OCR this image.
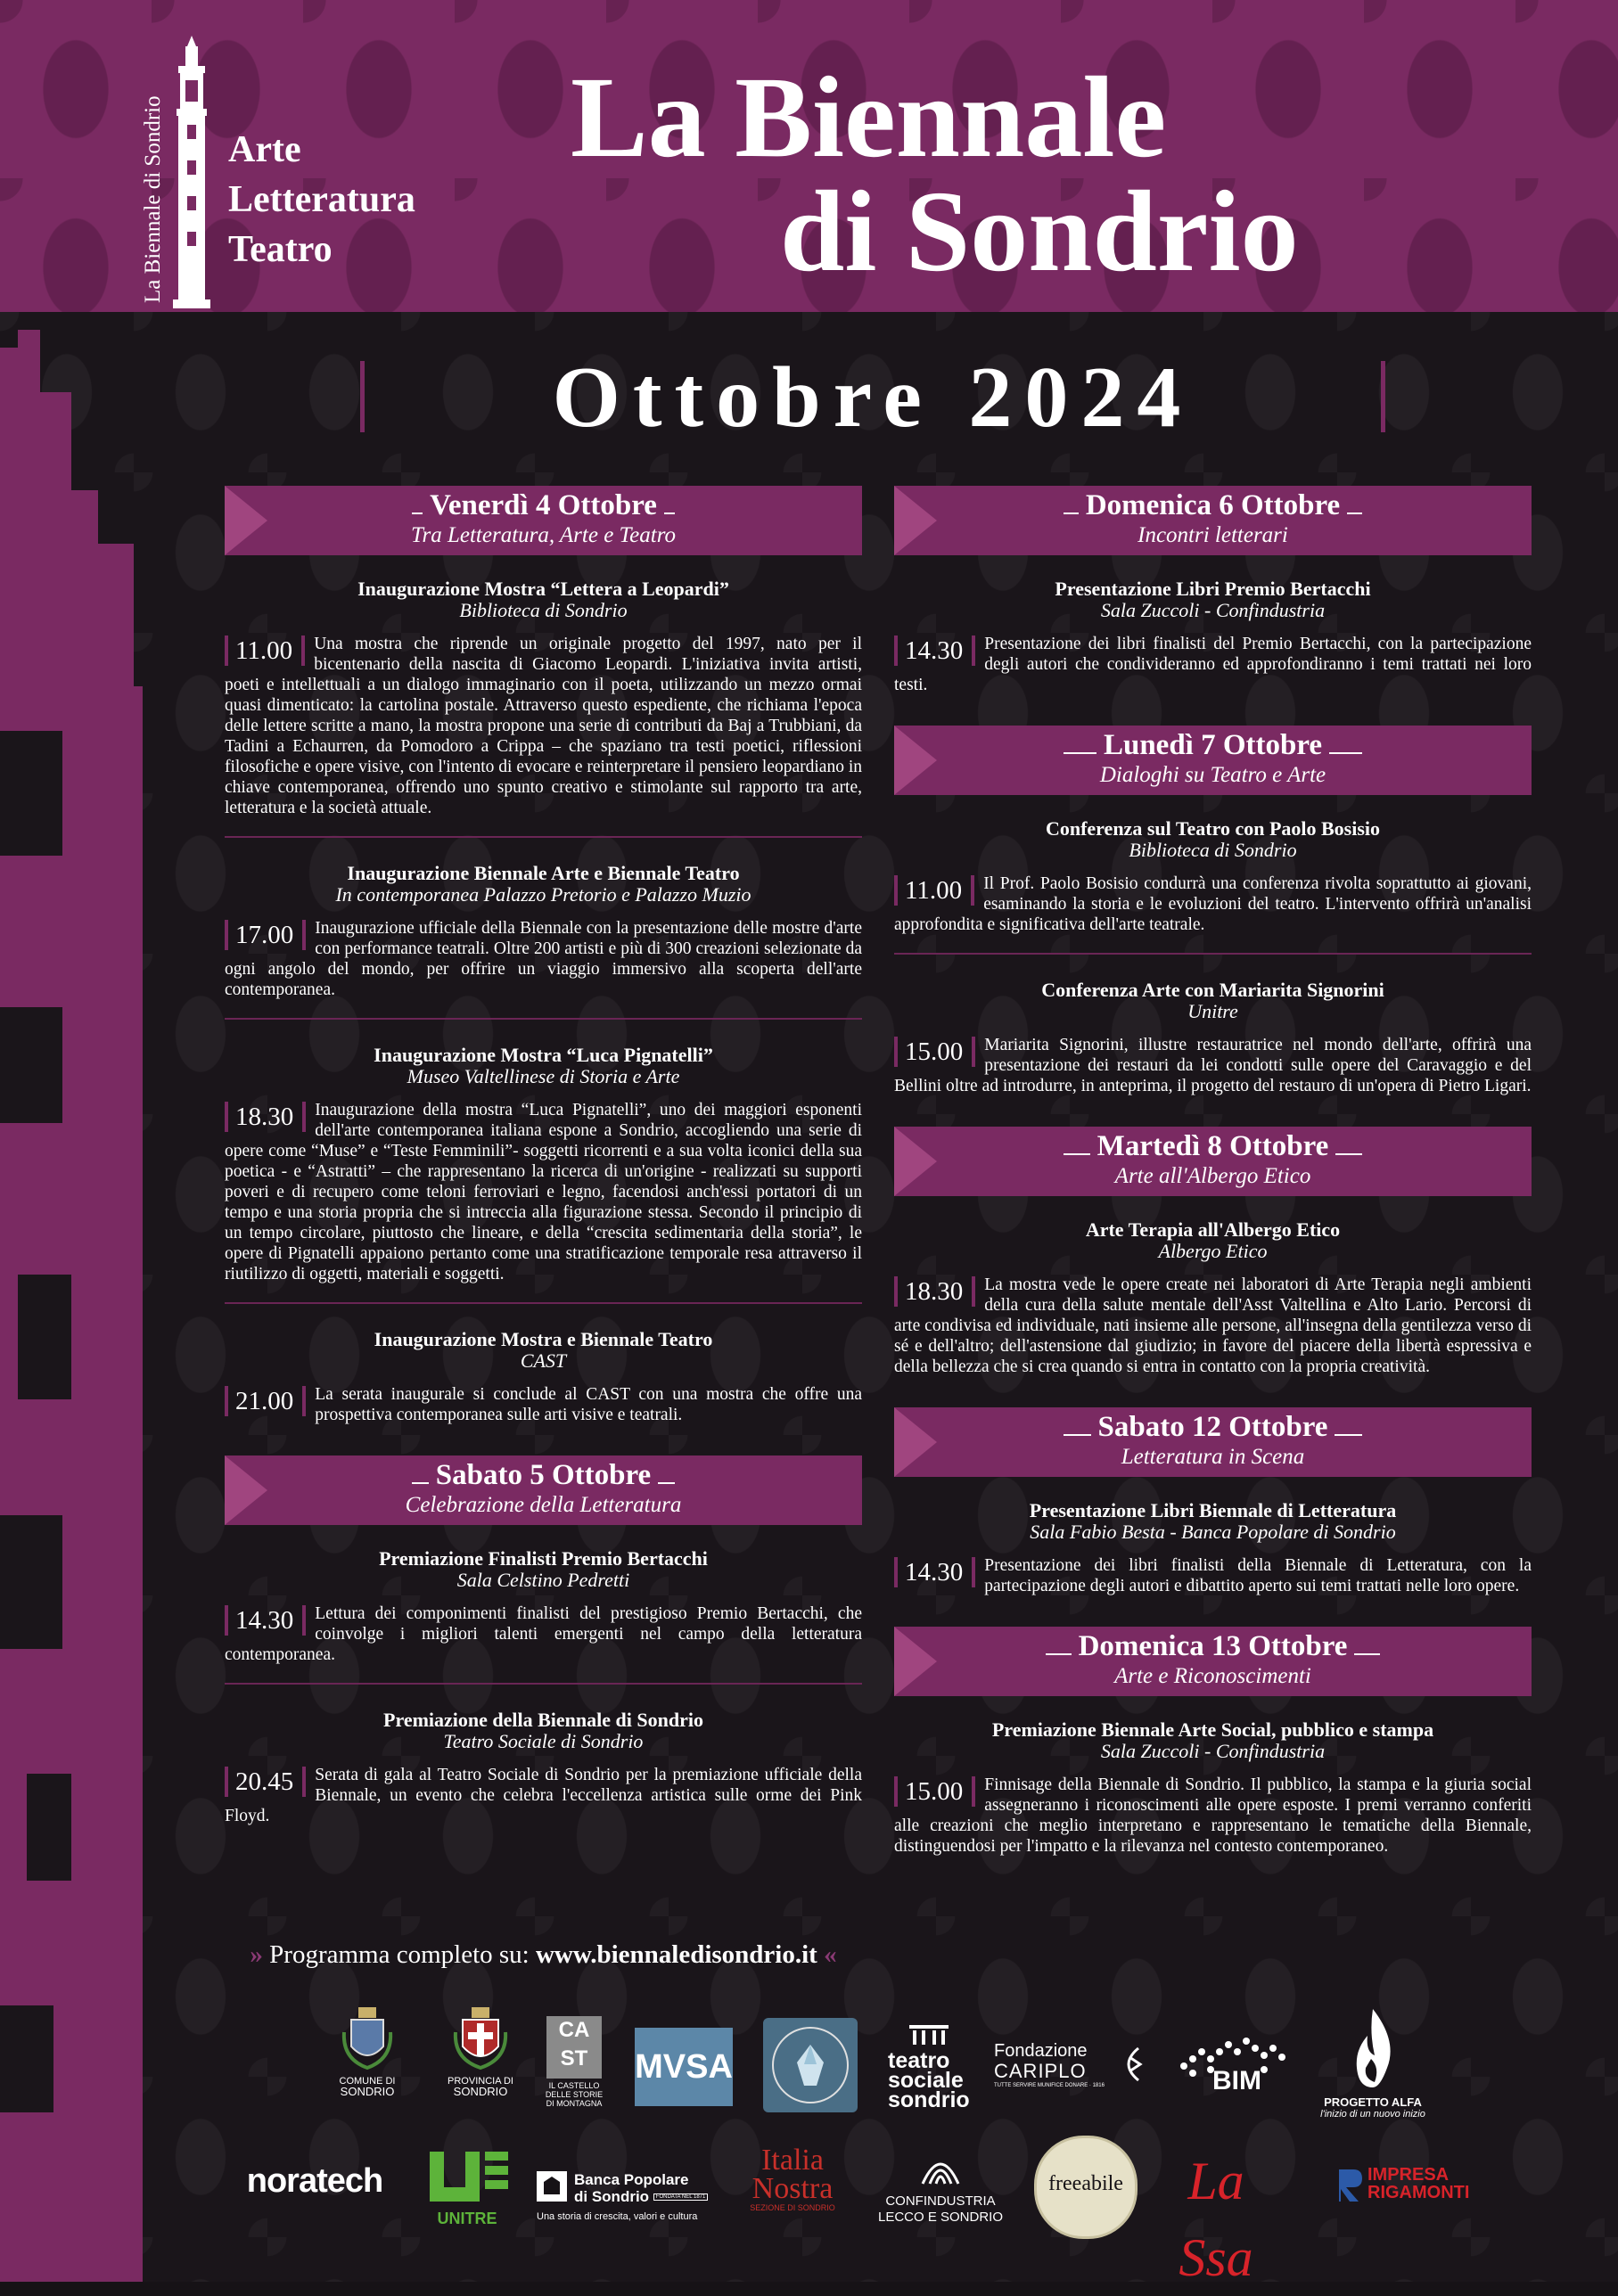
La Biennale di Sondrio Arte
Letteratura
Teatro
La Biennale
di Sondrio
Ottobre 2024
Venerdì 4 Ottobre
Tra Letteratura, Arte e Teatro
Inaugurazione Mostra “Lettera a Leopardi”
Biblioteca di Sondrio
11.00	Una mostra che riprende un originale progetto del 1997, nato per il bicentenario della nascita di Giacomo Leopardi. L'iniziativa invita artisti, poeti e intellettuali a un dialogo immaginario con il poeta, utilizzando un mezzo ormai quasi dimenticato: la cartolina postale. Attraverso questo espediente, che richiama l'epoca delle lettere scritte a mano, la mostra propone una serie di contributi da Baj a Trubbiani, da Tadini a Echaurren, da Pomodoro a Crippa – che spaziano tra testi poetici, riflessioni filosofiche e opere visive, con l'intento di evocare e reinterpretare il pensiero leopardiano in chiave contemporanea, offrendo uno spunto creativo e stimolante sul rapporto tra arte, letteratura e la società attuale.
Inaugurazione Biennale Arte e Biennale Teatro
In contemporanea Palazzo Pretorio e Palazzo Muzio
17.00	Inaugurazione ufficiale della Biennale con la presentazione delle mostre d'arte con performance teatrali. Oltre 200 artisti e più di 300 creazioni selezionate da ogni angolo del mondo, per offrire un viaggio immersivo alla scoperta dell'arte contemporanea.
Inaugurazione Mostra “Luca Pignatelli”
Museo Valtellinese di Storia e Arte
18.30	Inaugurazione della mostra “Luca Pignatelli”, uno dei maggiori esponenti dell'arte contemporanea italiana espone a Sondrio, accogliendo una serie di opere come “Muse” e “Teste Femminili”- soggetti ricorrenti e a sua volta iconici della sua poetica - e “Astratti” – che rappresentano la ricerca di un'origine - realizzati su supporti poveri e di recupero come teloni ferroviari e legno, facendosi anch'essi portatori di un tempo e una storia propria che si intreccia alla figurazione stessa. Secondo il principio di un tempo circolare, piuttosto che lineare, e della “crescita sedimentaria della storia”, le opere di Pignatelli appaiono pertanto come una stratificazione temporale resa attraverso il riutilizzo di oggetti, materiali e soggetti.
Inaugurazione Mostra e Biennale Teatro
CAST
21.00	La serata inaugurale si conclude al CAST con una mostra che offre una prospettiva contemporanea sulle arti visive e teatrali.
Sabato 5 Ottobre
Celebrazione della Letteratura
Premiazione Finalisti Premio Bertacchi
Sala Celstino Pedretti
14.30	Lettura dei componimenti finalisti del prestigioso Premio Bertacchi, che coinvolge i migliori talenti emergenti nel campo della letteratura contemporanea.
Premiazione della Biennale di Sondrio
Teatro Sociale di Sondrio
20.45	Serata di gala al Teatro Sociale di Sondrio per la premiazione ufficiale della Biennale, un evento che celebra l'eccellenza artistica sulle orme dei Pink Floyd.
Domenica 6 Ottobre
Incontri letterari
Presentazione Libri Premio Bertacchi
Sala Zuccoli - Confindustria
14.30	Presentazione dei libri finalisti del Premio Bertacchi, con la partecipazione degli autori che condivideranno ed approfondiranno i temi trattati nei loro testi.
Lunedì 7 Ottobre
Dialoghi su Teatro e Arte
Conferenza sul Teatro con Paolo Bosisio
Biblioteca di Sondrio
11.00	Il Prof. Paolo Bosisio condurrà una conferenza rivolta soprattutto ai giovani, esaminando la storia e le evoluzioni del teatro. L'intervento offrirà un'analisi approfondita e significativa dell'arte teatrale.
Conferenza Arte con Mariarita Signorini
Unitre
15.00	Mariarita Signorini, illustre restauratrice nel mondo dell'arte, offrirà una presentazione dei restauri da lei condotti sulle opere del Caravaggio e del Bellini oltre ad introdurre, in anteprima, il progetto del restauro di un'opera di Pietro Ligari.
Martedì 8 Ottobre
Arte all'Albergo Etico
Arte Terapia all'Albergo Etico
Albergo Etico
18.30	La mostra vede le opere create nei laboratori di Arte Terapia negli ambienti della cura della salute mentale dell'Asst Valtellina e Alto Lario. Percorsi di arte condivisa ed individuale, nati insieme alle persone, all'insegna della gentilezza verso di sé e dell'altro; dell'astensione dal giudizio; in favore del piacere della libertà espressiva e della bellezza che si crea quando si entra in contatto con la propria creatività.
Sabato 12 Ottobre
Letteratura in Scena
Presentazione Libri Biennale di Letteratura
Sala Fabio Besta - Banca Popolare di Sondrio
14.30	Presentazione dei libri finalisti della Biennale di Letteratura, con la partecipazione degli autori e dibattito aperto sui temi trattati nelle loro opere.
Domenica 13 Ottobre
Arte e Riconoscimenti
Premiazione Biennale Arte Social, pubblico e stampa
Sala Zuccoli - Confindustria
15.00	Finnisage della Biennale di Sondrio. Il pubblico, la stampa e la giuria social assegneranno i riconoscimenti alle opere esposte. I premi verranno conferiti alle creazioni che meglio interpretano e rappresentano le tematiche della Biennale, distinguendosi per l'impatto e la rilevanza nel contesto contemporaneo.
» Programma completo su: www.biennaledisondrio.it «
COMUNE DI
SONDRIO
PROVINCIA DI
SONDRIO
CA
ST
IL CASTELLO DELLE STORIE DI MONTAGNA
MVSA	teatro
sociale
sondrio
Fondazione
CARIPLO
TUTTE SERVIRE MUNIFICE DONARE · 1816	BIM
PROGETTO ALFA
l'inizio di un nuovo inizio
noratech
UNITRE
Banca Popolare
di Sondrio FONDATA NEL 1871
Una storia di crescita, valori e cultura
Italia
Nostra
SEZIONE DI SONDRIO	CONFINDUSTRIA
LECCO E SONDRIO
freeabile	La Ssa
IMPRESA
RIGAMONTI
